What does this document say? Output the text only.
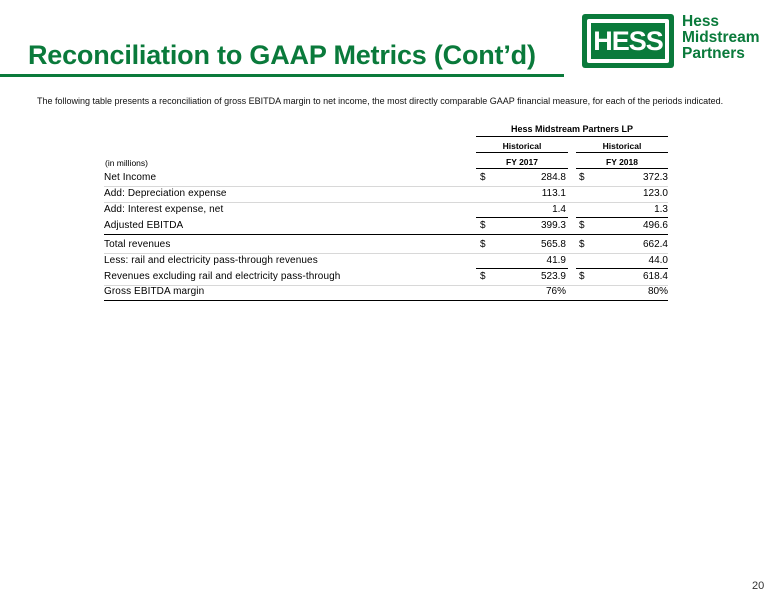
Reconciliation to GAAP Metrics (Cont’d) HESS
Hess
Midstream
Partners
The following table presents a reconciliation of gross EBITDA margin to net income, the most directly comparable GAAP financial measure, for each of the periods indicated.
Hess Midstream Partners LP
Historical	Historical
(in millions)	FY 2017	FY 2018
Net Income	$	284.8 $	372.3
Add: Depreciation expense	113.1	123.0
Add: Interest expense, net	1.4	1.3
Adjusted EBITDA	$	399.3 $	496.6
Total revenues	$	565.8 $	662.4
Less: rail and electricity pass-through revenues	41.9	44.0
Revenues excluding rail and electricity pass-through	$	523.9 $	618.4
Gross EBITDA margin	76%	80%
20
